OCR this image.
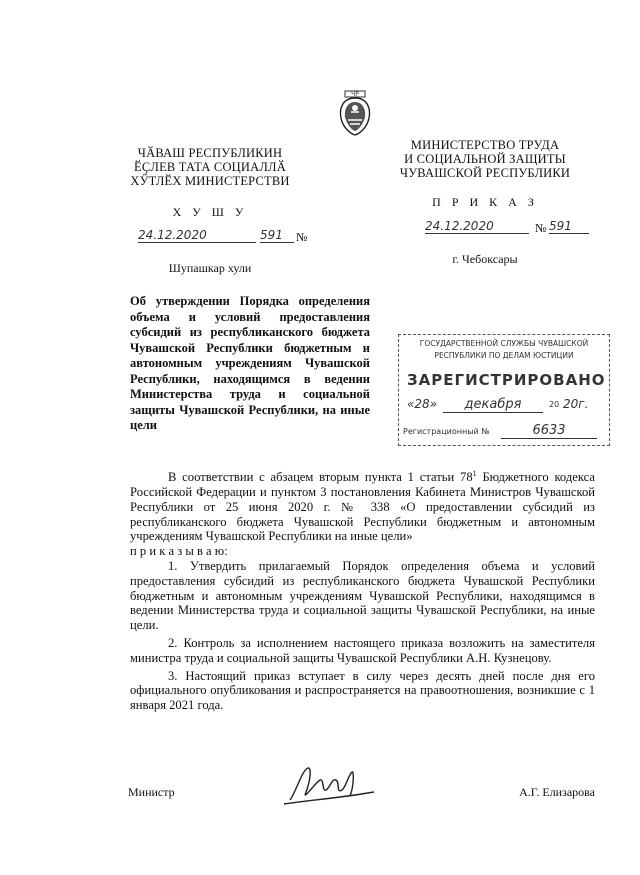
ЧР
ЧӐВАШ РЕСПУБЛИКИН
ӖҪЛЕВ ТАТА СОЦИАЛЛӐ
ХӲТЛӖХ МИНИСТЕРСТВИ
Х У Ш У
24.12.2020	591	№
Шупашкар хули
МИНИСТЕРСТВО ТРУДА
И СОЦИАЛЬНОЙ ЗАЩИТЫ
ЧУВАШСКОЙ РЕСПУБЛИКИ
П Р И К А З
24.12.2020	№ 591
г. Чебоксары
Об утверждении Порядка определения объема и условий предоставления субсидий из республиканского бюджета Чувашской Республики бюджетным и автономным учреждениям Чувашской Республики, находящимся в ведении Министерства труда и социальной защиты Чувашской Республики, на иные цели
ГОСУДАРСТВЕННОЙ СЛУЖБЫ ЧУВАШСКОЙ
РЕСПУБЛИКИ ПО ДЕЛАМ ЮСТИЦИИ
ЗАРЕГИСТРИРОВАНО
«28»	декабря	20 20г.
Регистрационный №	6633

В соответствии с абзацем вторым пункта 1 статьи $78^1$ Бюджетного кодекса Российской Федерации и пунктом 3 постановления Кабинета Министров Чувашской Республики от 25 июня 2020 г. № 338 «О предоставлении субсидий из республиканского бюджета Чувашской Республики бюджетным и автономным учреждениям Чувашской Республики на иные цели»

п р и к а з ы в а ю:

1. Утвердить прилагаемый Порядок определения объема и условий предоставления субсидий из республиканского бюджета Чувашской Республики бюджетным и автономным учреждениям Чувашской Республики, находящимся в ведении Министерства труда и социальной защиты Чувашской Республики, на иные цели.

2. Контроль за исполнением настоящего приказа возложить на заместителя министра труда и социальной защиты Чувашской Республики А.Н. Кузнецову.

3. Настоящий приказ вступает в силу через десять дней после дня его официального опубликования и распространяется на правоотношения, возникшие с 1 января 2021 года.

Министр	А.Г. Елизарова
